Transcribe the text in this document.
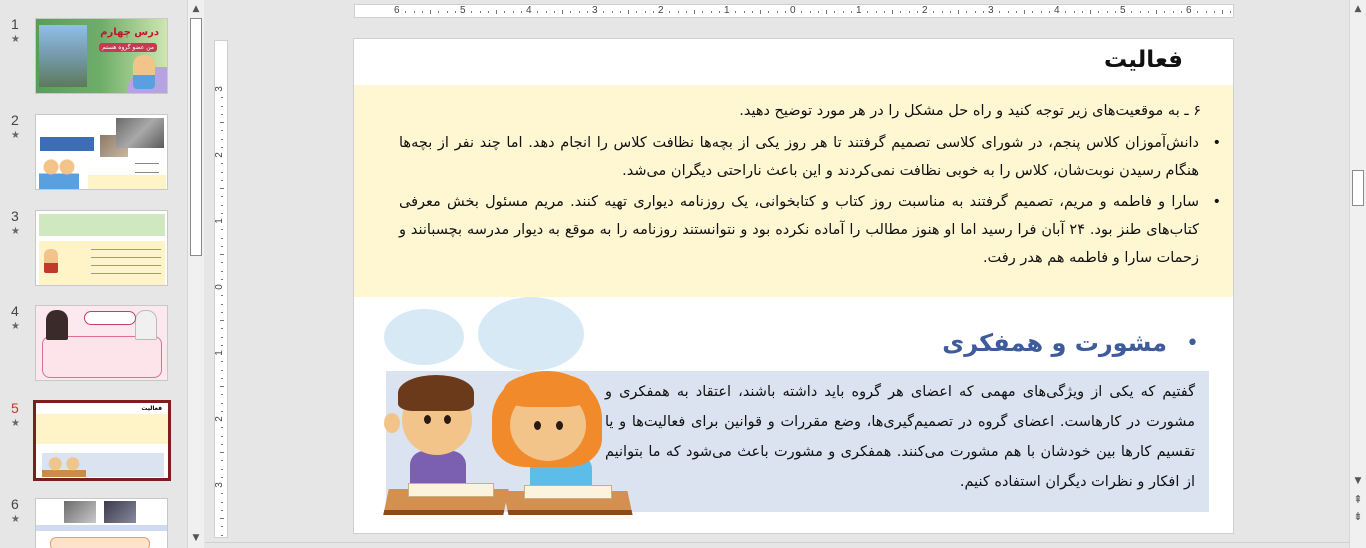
1
★
درس چهارم
من عضو گروه هستم
2
★
3
★
4
★
5
★
فعالیت
6
★
▲
▼
6	5	4	3	2	1	0	1	2	3	4	5	6
3
2
1
0
1
2
3
فعالیت
۶ ـ به موقعیت‌های زیر توجه کنید و راه حل مشکل را در هر مورد توضیح دهید.
• دانش‌آموزان کلاس پنجم، در شورای کلاسی تصمیم گرفتند تا هر روز یکی از بچه‌ها نظافت کلاس را انجام دهد. اما چند نفر از بچه‌ها هنگام رسیدن نوبت‌شان، کلاس را به خوبی نظافت نمی‌کردند و این باعث ناراحتی دیگران می‌شد.
• سارا و فاطمه و مریم، تصمیم گرفتند به مناسبت روز کتاب و کتابخوانی، یک روزنامه دیواری تهیه کنند. مریم مسئول بخش معرفی کتاب‌های طنز بود. ۲۴ آبان فرا رسید اما او هنوز مطالب را آماده نکرده بود و نتوانستند روزنامه را به موقع به دیوار مدرسه بچسبانند و زحمات سارا و فاطمه هم هدر رفت.
مشورت و همفکری •
گفتیم که یکی از ویژگی‌های مهمی که اعضای هر گروه باید داشته باشند، اعتقاد به همفکری و مشورت در کارهاست. اعضای گروه در تصمیم‌گیری‌ها، وضع مقررات و قوانین برای فعالیت‌ها و یا تقسیم کارها بین خودشان با هم مشورت می‌کنند. همفکری و مشورت باعث می‌شود که ما بتوانیم از افکار و نظرات دیگران استفاده کنیم.
▲
▼
⇞
⇟
